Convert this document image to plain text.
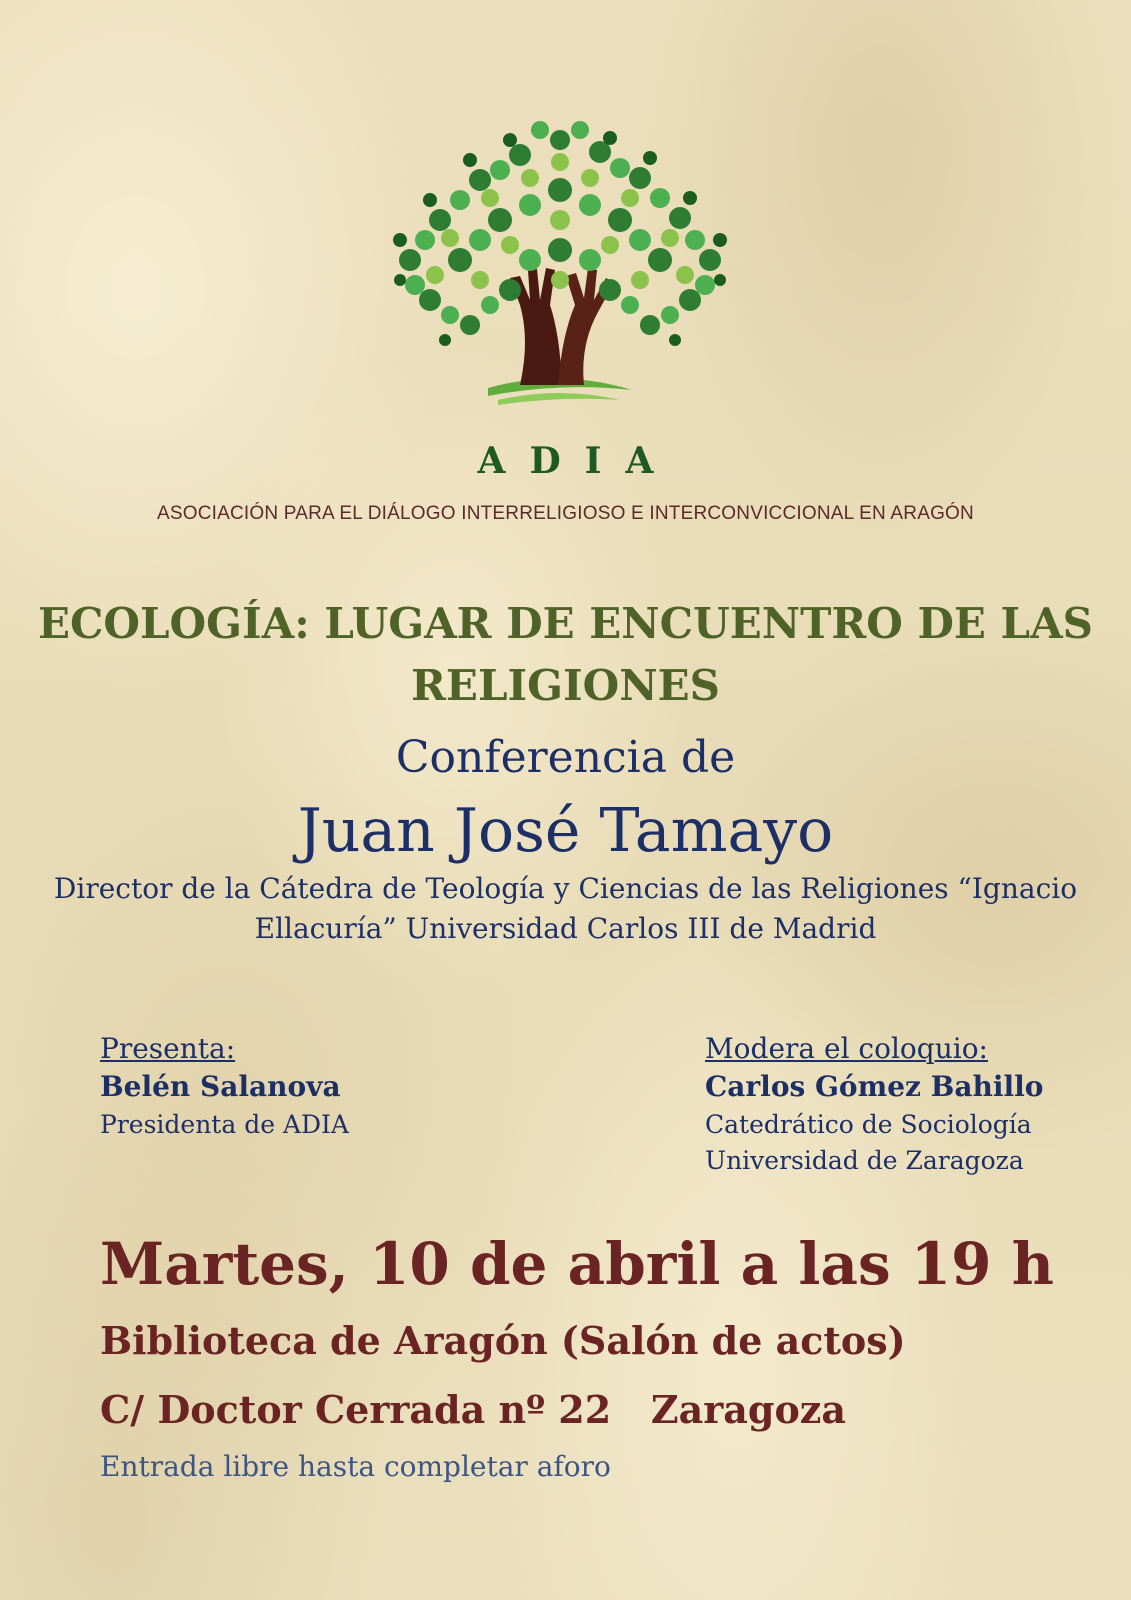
ADIA
ASOCIACIÓN PARA EL DIÁLOGO INTERRELIGIOSO E INTERCONVICCIONAL EN ARAGÓN
ECOLOGÍA: LUGAR DE ENCUENTRO DE LAS RELIGIONES
Conferencia de
Juan José Tamayo
Director de la Cátedra de Teología y Ciencias de las Religiones “Ignacio Ellacuría” Universidad Carlos III de Madrid
Presenta:
Belén Salanova
Presidenta de ADIA
Modera el coloquio:
Carlos Gómez Bahillo
Catedrático de Sociología
Universidad de Zaragoza
Martes, 10 de abril a las 19 h
Biblioteca de Aragón (Salón de actos)
C/ Doctor Cerrada nº 22   Zaragoza
Entrada libre hasta completar aforo
